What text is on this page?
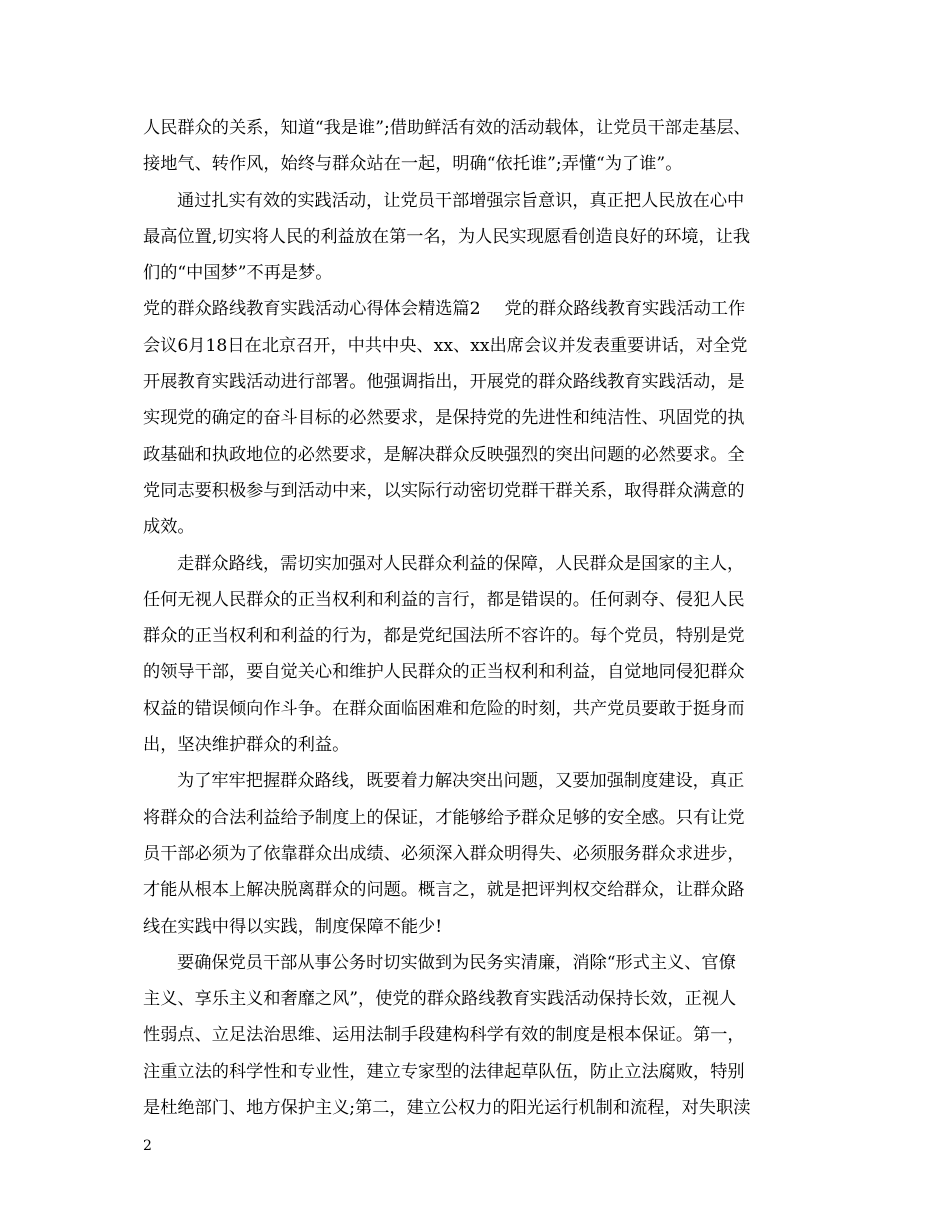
人民群众的关系，知道“我是谁”;借助鲜活有效的活动载体，让党员干部走基层、
接地气、转作风，始终与群众站在一起，明确“依托谁”;弄懂“为了谁”。
通过扎实有效的实践活动，让党员干部增强宗旨意识，真正把人民放在心中
最高位置,切实将人民的利益放在第一名，为人民实现愿看创造良好的环境，让我
们的“中国梦”不再是梦。
党的群众路线教育实践活动心得体会精选篇2 党的群众路线教育实践活动工作
会议6月18日在北京召开，中共中央、xx、xx出席会议并发表重要讲话，对全党
开展教育实践活动进行部署。他强调指出，开展党的群众路线教育实践活动，是
实现党的确定的奋斗目标的必然要求，是保持党的先进性和纯洁性、巩固党的执
政基础和执政地位的必然要求，是解决群众反映强烈的突出问题的必然要求。全
党同志要积极参与到活动中来，以实际行动密切党群干群关系，取得群众满意的
成效。
走群众路线，需切实加强对人民群众利益的保障，人民群众是国家的主人，
任何无视人民群众的正当权利和利益的言行，都是错误的。任何剥夺、侵犯人民
群众的正当权利和利益的行为，都是党纪国法所不容许的。每个党员，特别是党
的领导干部，要自觉关心和维护人民群众的正当权利和利益，自觉地同侵犯群众
权益的错误倾向作斗争。在群众面临困难和危险的时刻，共产党员要敢于挺身而
出，坚决维护群众的利益。
为了牢牢把握群众路线，既要着力解决突出问题，又要加强制度建设，真正
将群众的合法利益给予制度上的保证，才能够给予群众足够的安全感。只有让党
员干部必须为了依靠群众出成绩、必须深入群众明得失、必须服务群众求进步，
才能从根本上解决脱离群众的问题。概言之，就是把评判权交给群众，让群众路
线在实践中得以实践，制度保障不能少!
要确保党员干部从事公务时切实做到为民务实清廉，消除“形式主义、官僚
主义、享乐主义和奢靡之风”，使党的群众路线教育实践活动保持长效，正视人
性弱点、立足法治思维、运用法制手段建构科学有效的制度是根本保证。第一，
注重立法的科学性和专业性，建立专家型的法律起草队伍，防止立法腐败，特别
是杜绝部门、地方保护主义;第二，建立公权力的阳光运行机制和流程，对失职渎
2
